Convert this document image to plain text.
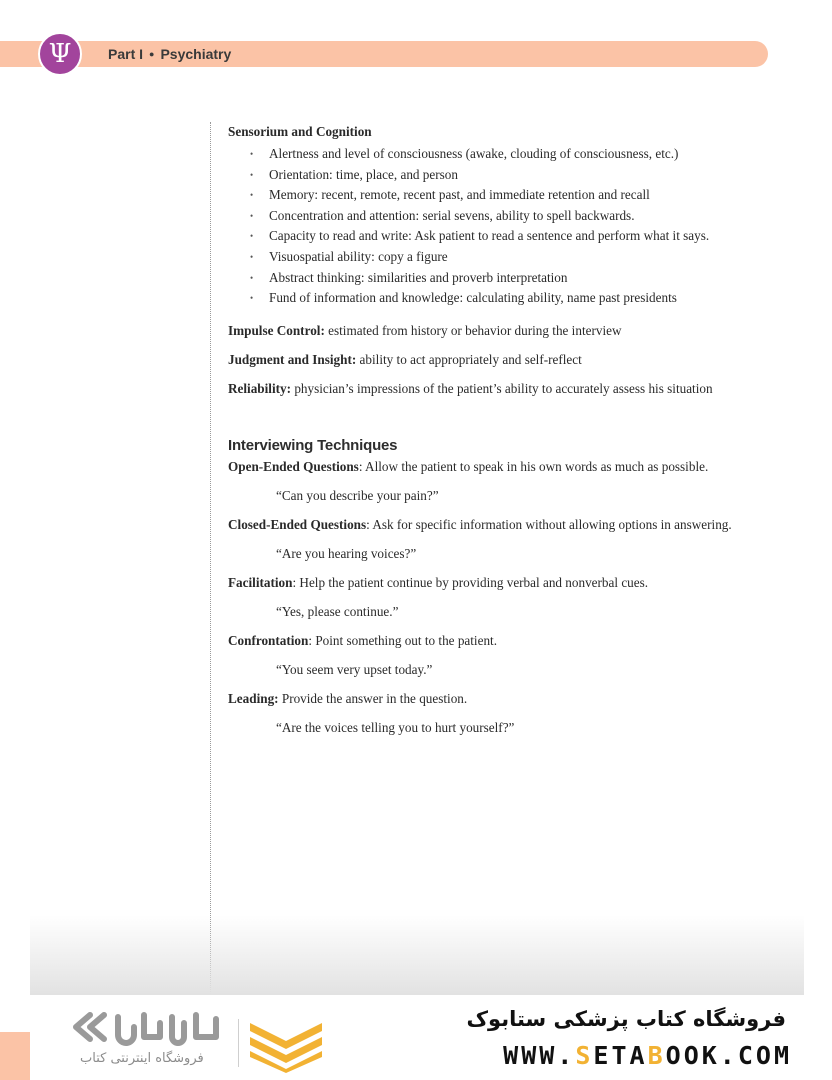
Ψ	Part I ● Psychiatry

Sensorium and Cognition

• Alertness and level of consciousness (awake, clouding of consciousness, etc.)
• Orientation: time, place, and person
• Memory: recent, remote, recent past, and immediate retention and recall
• Concentration and attention: serial sevens, ability to spell backwards.
• Capacity to read and write: Ask patient to read a sentence and perform what it says.
• Visuospatial ability: copy a figure
• Abstract thinking: similarities and proverb interpretation
• Fund of information and knowledge: calculating ability, name past presidents

Impulse Control: estimated from history or behavior during the interview

Judgment and Insight: ability to act appropriately and self-reflect

Reliability: physician’s impressions of the patient’s ability to accurately assess his situation

Interviewing Techniques

Open-Ended Questions: Allow the patient to speak in his own words as much as possible.

“Can you describe your pain?”

Closed-Ended Questions: Ask for specific information without allowing options in answering.

“Are you hearing voices?”

Facilitation: Help the patient continue by providing verbal and nonverbal cues.

“Yes, please continue.”

Confrontation: Point something out to the patient.

“You seem very upset today.”

Leading: Provide the answer in the question.

“Are the voices telling you to hurt yourself?”

فروشگاه اینترنتی کتاب
فروشگاه کتاب پزشکی ستابوک
WWW.SETABOOK.COM
